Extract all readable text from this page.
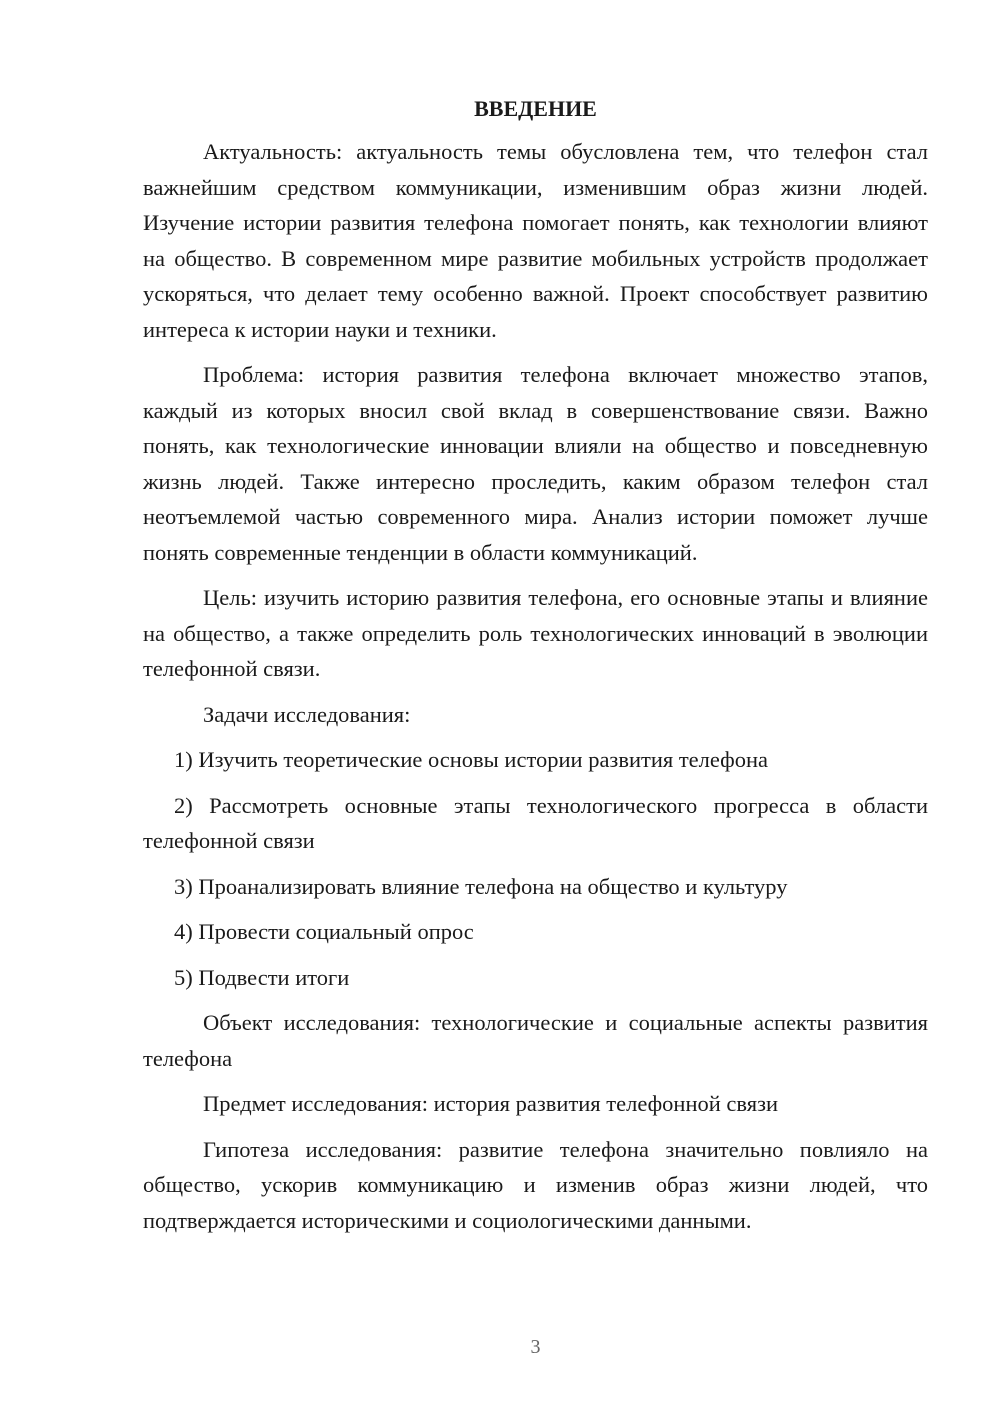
ВВЕДЕНИЕ

Актуальность: актуальность темы обусловлена тем, что телефон стал важнейшим средством коммуникации, изменившим образ жизни людей. Изучение истории развития телефона помогает понять, как технологии влияют на общество. В современном мире развитие мобильных устройств продолжает ускоряться, что делает тему особенно важной. Проект способствует развитию интереса к истории науки и техники.

Проблема: история развития телефона включает множество этапов, каждый из которых вносил свой вклад в совершенствование связи. Важно понять, как технологические инновации влияли на общество и повседневную жизнь людей. Также интересно проследить, каким образом телефон стал неотъемлемой частью современного мира. Анализ истории поможет лучше понять современные тенденции в области коммуникаций.

Цель: изучить историю развития телефона, его основные этапы и влияние на общество, а также определить роль технологических инноваций в эволюции телефонной связи.

Задачи исследования:

1) Изучить теоретические основы истории развития телефона

2) Рассмотреть основные этапы технологического прогресса в области телефонной связи

3) Проанализировать влияние телефона на общество и культуру

4) Провести социальный опрос

5) Подвести итоги

Объект исследования: технологические и социальные аспекты развития телефона

Предмет исследования: история развития телефонной связи

Гипотеза исследования: развитие телефона значительно повлияло на общество, ускорив коммуникацию и изменив образ жизни людей, что подтверждается историческими и социологическими данными.

3
